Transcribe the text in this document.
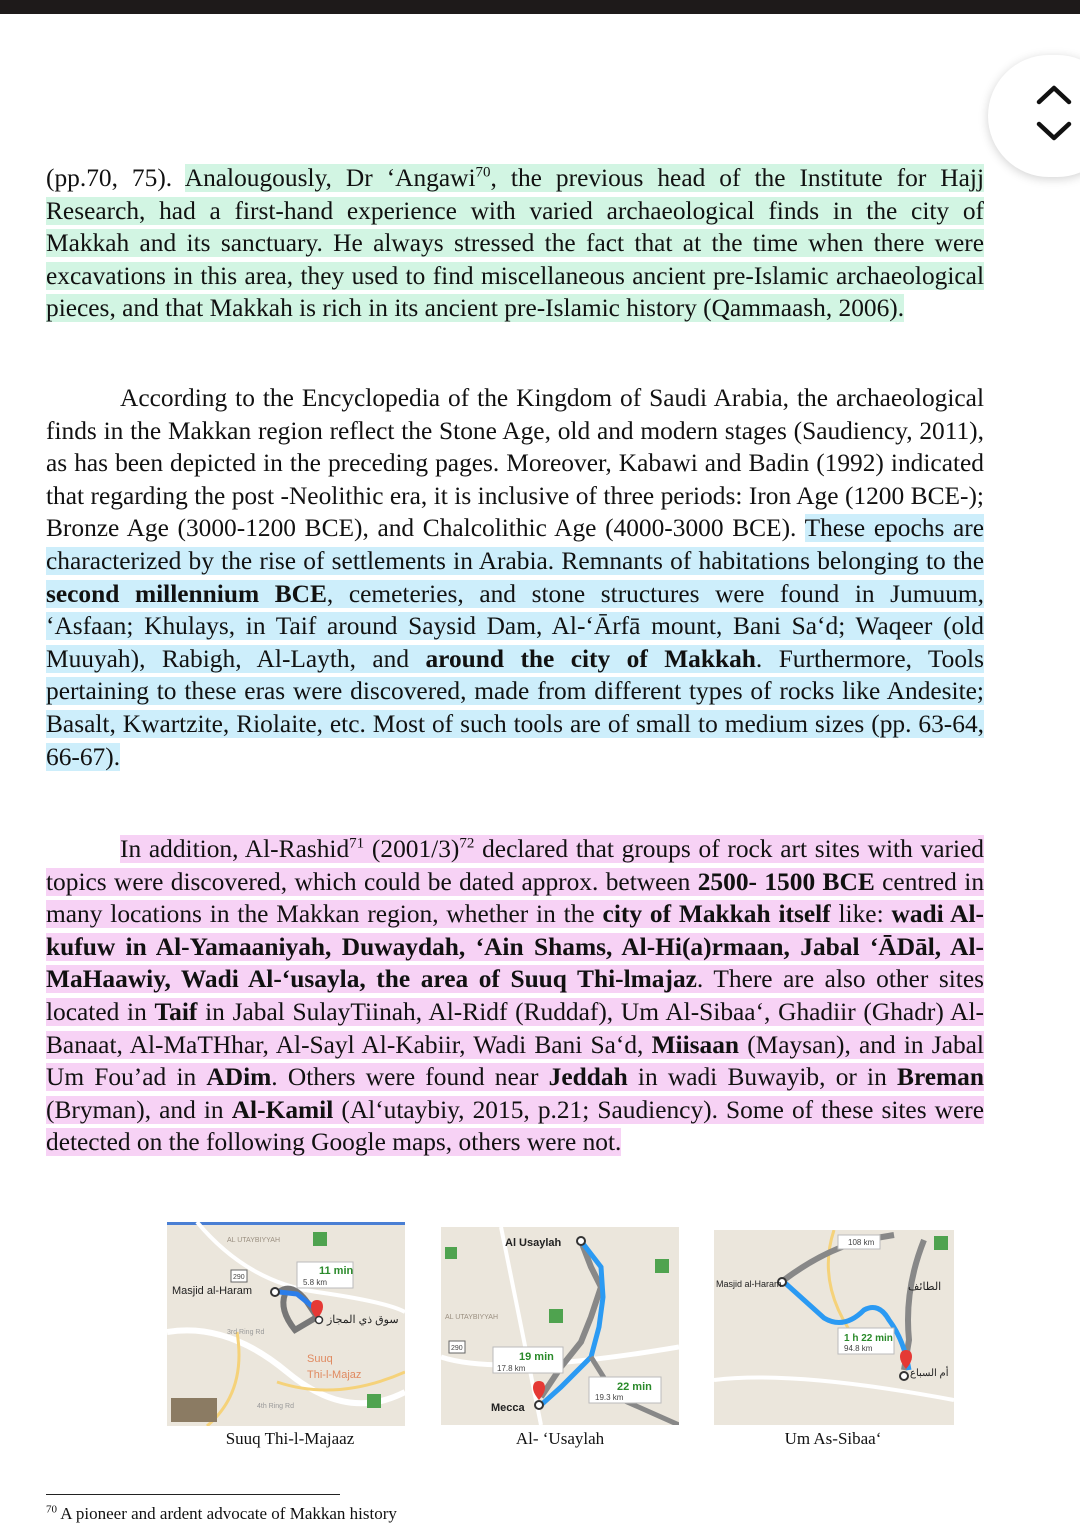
(pp.70, 75). Analougously, Dr ‘Angawi$^{70}$, the previous head of the Institute for Hajj Research, had a first-hand experience with varied archaeological finds in the city of Makkah and its sanctuary. He always stressed the fact that at the time when there were excavations in this area, they used to find miscellaneous ancient pre-Islamic archaeological pieces, and that Makkah is rich in its ancient pre-Islamic history (Qammaash, 2006).

According to the Encyclopedia of the Kingdom of Saudi Arabia, the archaeological finds in the Makkan region reflect the Stone Age, old and modern stages (Saudiency, 2011), as has been depicted in the preceding pages. Moreover, Kabawi and Badin (1992) indicated that regarding the post -Neolithic era, it is inclusive of three periods: Iron Age (1200 BCE-); Bronze Age (3000-1200 BCE), and Chalcolithic Age (4000-3000 BCE). These epochs are characterized by the rise of settlements in Arabia. Remnants of habitations belonging to the second millennium BCE, cemeteries, and stone structures were found in Jumuum, ‘Asfaan; Khulays, in Taif around Saysid Dam, Al-‘Ārfā mount, Bani Sa‘d; Waqeer (old Muuyah), Rabigh, Al-Layth, and around the city of Makkah. Furthermore, Tools pertaining to these eras were discovered, made from different types of rocks like Andesite; Basalt, Kwartzite, Riolaite, etc. Most of such tools are of small to medium sizes (pp. 63-64, 66-67).

In addition, Al-Rashid$^{71}$ $(2001/3)^{72}$ declared that groups of rock art sites with varied topics were discovered, which could be dated approx. between 2500- 1500 BCE centred in many locations in the Makkan region, whether in the city of Makkah itself like: wadi Al-kufuw in Al-Yamaaniyah, Duwaydah, ‘Ain Shams, Al-Hi(a)rmaan, Jabal ‘ĀDāl, Al-MaHaawiy, Wadi Al-‘usayla, the area of Suuq Thi-lmajaz. There are also other sites located in Taif in Jabal SulayTiinah, Al-Ridf (Ruddaf), Um Al-Sibaa‘, Ghadiir (Ghadr) Al-Banaat, Al-MaTHhar, Al-Sayl Al-Kabiir, Wadi Bani Sa‘d, Miisaan (Maysan), and in Jabal Um Fou’ad in ADim. Others were found near Jeddah in wadi Buwayib, or in Breman (Bryman), and in Al-Kamil (Al‘utaybiy, 2015, p.21; Saudiency). Some of these sites were detected on the following Google maps, others were not.

AL UTAYBIYYAH
290
Masjid al-Haram
11 min
5.8 km
سوق ذي المجاز
Suuq
Thi-l-Majaz
3rd Ring Rd
4th Ring Rd
Suuq Thi-l-Majaaz
Al Usaylah
AL UTAYBIYYAH
290
19 min
17.8 km
22 min
19.3 km
Mecca
Al- ‘Usaylah
Masjid al-Haram
108 km
1 h 22 min
94.8 km
أم السباع
الطائف
Um As-Sibaa‘
$^{70}$ A pioneer and ardent advocate of Makkan history
